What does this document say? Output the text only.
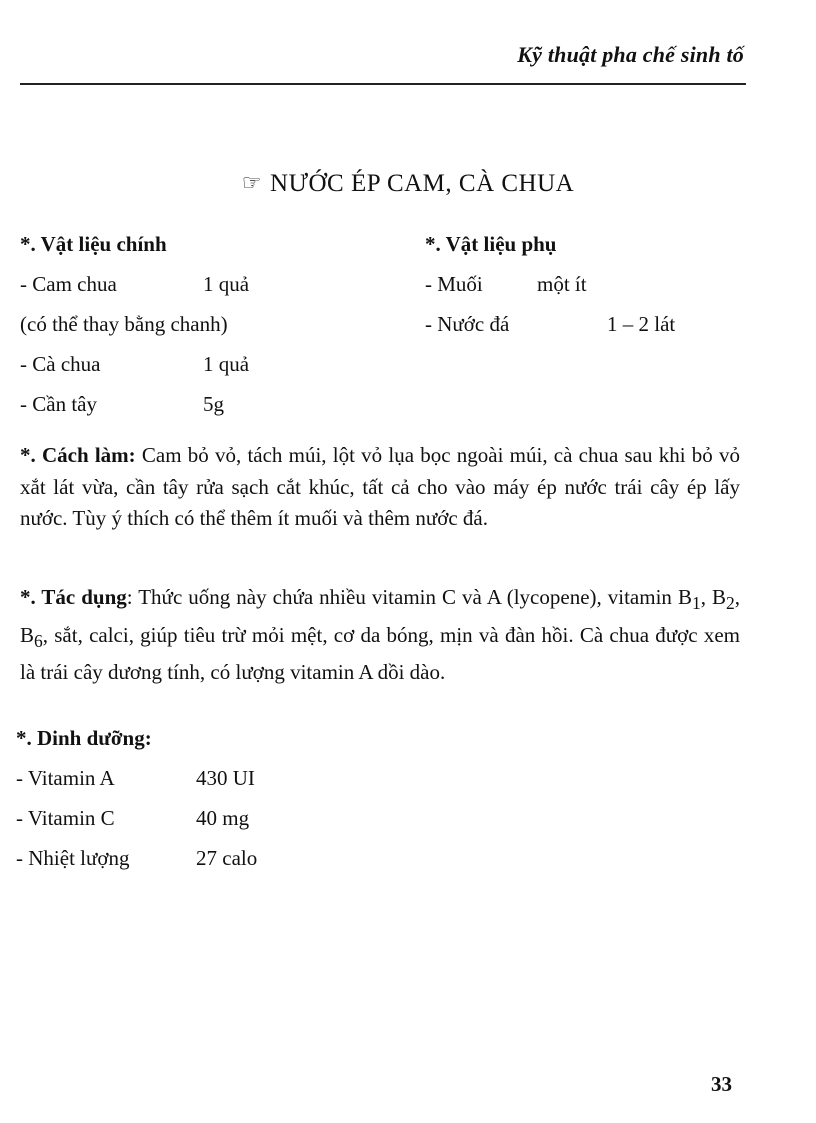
Kỹ thuật pha chế sinh tố
☞ NƯỚC ÉP CAM, CÀ CHUA
*. Vật liệu chính
- Cam chua	1 quả
(có thể thay bằng chanh)
- Cà chua	1 quả
- Cần tây	5g
*. Vật liệu phụ
- Muối	một ít
- Nước đá	1 – 2 lát
*. Cách làm: Cam bỏ vỏ, tách múi, lột vỏ lụa bọc ngoài múi, cà chua sau khi bỏ vỏ xắt lát vừa, cần tây rửa sạch cắt khúc, tất cả cho vào máy ép nước trái cây ép lấy nước. Tùy ý thích có thể thêm ít muối và thêm nước đá.
*. Tác dụng: Thức uống này chứa nhiều vitamin C và A (lycopene), vitamin $B_1$, $B_2$, $B_6$, sắt, calci, giúp tiêu trừ mỏi mệt, cơ da bóng, mịn và đàn hồi. Cà chua được xem là trái cây dương tính, có lượng vitamin A dồi dào.
*. Dinh dưỡng:
- Vitamin A	430 UI
- Vitamin C	40 mg
- Nhiệt lượng	27 calo
33
